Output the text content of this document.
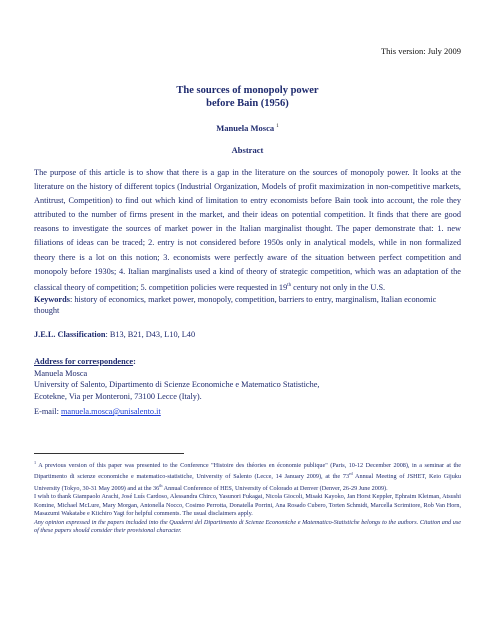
This version: July 2009
The sources of monopoly power
before Bain (1956)
Manuela Mosca $^1$
Abstract
The purpose of this article is to show that there is a gap in the literature on the sources of monopoly power. It looks at the literature on the history of different topics (Industrial Organization, Models of profit maximization in non-competitive markets, Antitrust, Competition) to find out which kind of limitation to entry economists before Bain took into account, the role they attributed to the number of firms present in the market, and their ideas on potential competition. It finds that there are good reasons to investigate the sources of market power in the Italian marginalist thought. The paper demonstrate that: 1. new filiations of ideas can be traced; 2. entry is not considered before 1950s only in analytical models, while in non formalized theory there is a lot on this notion; 3. economists were perfectly aware of the situation between perfect competition and monopoly before 1930s; 4. Italian marginalists used a kind of theory of strategic competition, which was an adaptation of the classical theory of competition; 5. competition policies were requested in 19th century not only in the U.S.
Keywords: history of economics, market power, monopoly, competition, barriers to entry, marginalism, Italian economic thought
J.E.L. Classification: B13, B21, D43, L10, L40
Address for correspondence:
Manuela Mosca
University of Salento, Dipartimento di Scienze Economiche e Matematico Statistiche,
Ecotekne, Via per Monteroni, 73100 Lecce (Italy).
E-mail: manuela.mosca@unisalento.it
$^1$ A previous version of this paper was presented to the Conference "Histoire des théories en économie publique" (Paris, 10-12 December 2008), in a seminar at the Dipartimento di scienze economiche e matematico-statistiche, University of Salento (Lecce, 14 January 2009), at the 73rd Annual Meeting of JSHET, Keio Gijuku University (Tokyo, 30-31 May 2009) and at the 36th Annual Conference of HES, University of Colorado at Denver (Denver, 26-29 June 2009).
I wish to thank Giampaolo Arachi, José Luís Cardoso, Alessandra Chirco, Yasunori Fukagai, Nicola Giocoli, Misaki Kayoko, Jan Horst Keppler, Ephraim Kleiman, Atsushi Komine, Michael McLure, Mary Morgan, Antonella Nocco, Cosimo Perrotta, Donatella Porrini, Ana Rosado Cubero, Torten Schmidt, Marcella Scrimitore, Rob Van Horn, Masazumi Wakatabe e Kiichiro Yagi for helpful comments. The usual disclaimers apply.
Any opinion expressed in the papers included into the Quaderni del Dipartimento di Scienze Economiche e Matematico-Statistiche belongs to the authors. Citation and use of these papers should consider their provisional character.
